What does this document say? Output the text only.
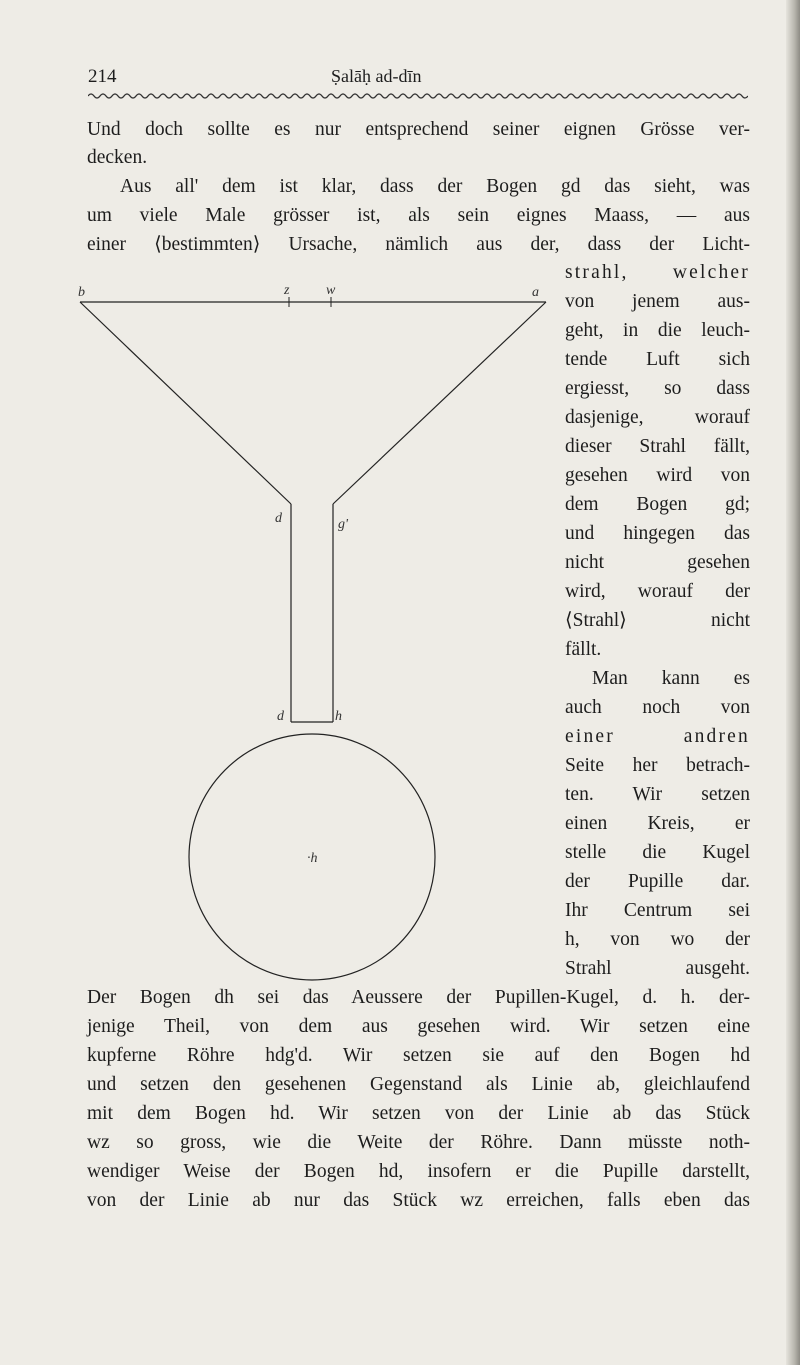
214	Ṣalāḥ ad-dīn
Und doch sollte es nur entsprechend seiner eignen Grösse ver-
decken.
Aus all' dem ist klar, dass der Bogen gd das sieht, was
um viele Male grösser ist, als sein eignes Maass, — aus
einer ⟨bestimmten⟩ Ursache, nämlich aus der, dass der Licht-
strahl, welcher
von jenem aus-
geht, in die leuch-
tende Luft sich
ergiesst, so dass
dasjenige, worauf
dieser Strahl fällt,
gesehen wird von
dem Bogen gd;
und hingegen das
nicht gesehen
wird, worauf der
⟨Strahl⟩ nicht
fällt.
Man kann es
auch noch von
einer andren
Seite her betrach-
ten. Wir setzen
einen Kreis, er
stelle die Kugel
der Pupille dar.
Ihr Centrum sei
h, von wo der
Strahl ausgeht.
Der Bogen dh sei das Aeussere der Pupillen-Kugel, d. h. der-
jenige Theil, von dem aus gesehen wird. Wir setzen eine
kupferne Röhre hdg'd. Wir setzen sie auf den Bogen hd
und setzen den gesehenen Gegenstand als Linie ab, gleichlaufend
mit dem Bogen hd. Wir setzen von der Linie ab das Stück
wz so gross, wie die Weite der Röhre. Dann müsste noth-
wendiger Weise der Bogen hd, insofern er die Pupille darstellt,
von der Linie ab nur das Stück wz erreichen, falls eben das
b	z	w	a
d	g'
d	h
·h
